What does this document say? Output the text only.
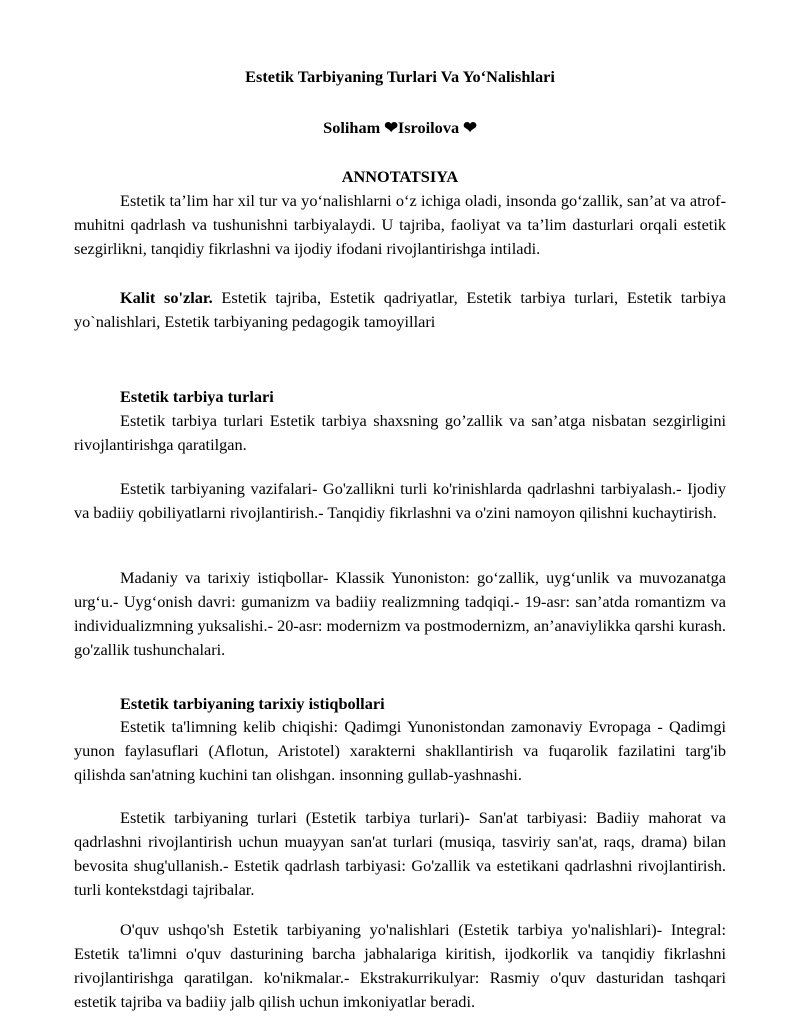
Estetik Tarbiyaning Turlari Va Yo‘Nalishlari
Soliham ❤Isroilova ❤
ANNOTATSIYA
Estetik ta’lim har xil tur va yo‘nalishlarni o‘z ichiga oladi, insonda go‘zallik, san’at va atrof-muhitni qadrlash va tushunishni tarbiyalaydi. U tajriba, faoliyat va ta’lim dasturlari orqali estetik sezgirlikni, tanqidiy fikrlashni va ijodiy ifodani rivojlantirishga intiladi.
Kalit so'zlar. Estetik tajriba, Estetik qadriyatlar, Estetik tarbiya turlari, Estetik tarbiya yo`nalishlari, Estetik tarbiyaning pedagogik tamoyillari
Estetik tarbiya turlari
Estetik tarbiya turlari Estetik tarbiya shaxsning go’zallik va san’atga nisbatan sezgirligini rivojlantirishga qaratilgan.
Estetik tarbiyaning vazifalari- Go'zallikni turli ko'rinishlarda qadrlashni tarbiyalash.- Ijodiy va badiiy qobiliyatlarni rivojlantirish.- Tanqidiy fikrlashni va o'zini namoyon qilishni kuchaytirish.
Madaniy va tarixiy istiqbollar- Klassik Yunoniston: go‘zallik, uyg‘unlik va muvozanatga urg‘u.- Uyg‘onish davri: gumanizm va badiiy realizmning tadqiqi.- 19-asr: san’atda romantizm va individualizmning yuksalishi.- 20-asr: modernizm va postmodernizm, an’anaviylikka qarshi kurash. go'zallik tushunchalari.
Estetik tarbiyaning tarixiy istiqbollari
Estetik ta'limning kelib chiqishi: Qadimgi Yunonistondan zamonaviy Evropaga - Qadimgi yunon faylasuflari (Aflotun, Aristotel) xarakterni shakllantirish va fuqarolik fazilatini targ'ib qilishda san'atning kuchini tan olishgan. insonning gullab-yashnashi.
Estetik tarbiyaning turlari (Estetik tarbiya turlari)- San'at tarbiyasi: Badiiy mahorat va qadrlashni rivojlantirish uchun muayyan san'at turlari (musiqa, tasviriy san'at, raqs, drama) bilan bevosita shug'ullanish.- Estetik qadrlash tarbiyasi: Go'zallik va estetikani qadrlashni rivojlantirish. turli kontekstdagi tajribalar.
O'quv ushqo'sh Estetik tarbiyaning yo'nalishlari (Estetik tarbiya yo'nalishlari)- Integral: Estetik ta'limni o'quv dasturining barcha jabhalariga kiritish, ijodkorlik va tanqidiy fikrlashni rivojlantirishga qaratilgan. ko'nikmalar.- Ekstrakurrikulyar: Rasmiy o'quv dasturidan tashqari estetik tajriba va badiiy jalb qilish uchun imkoniyatlar beradi.
